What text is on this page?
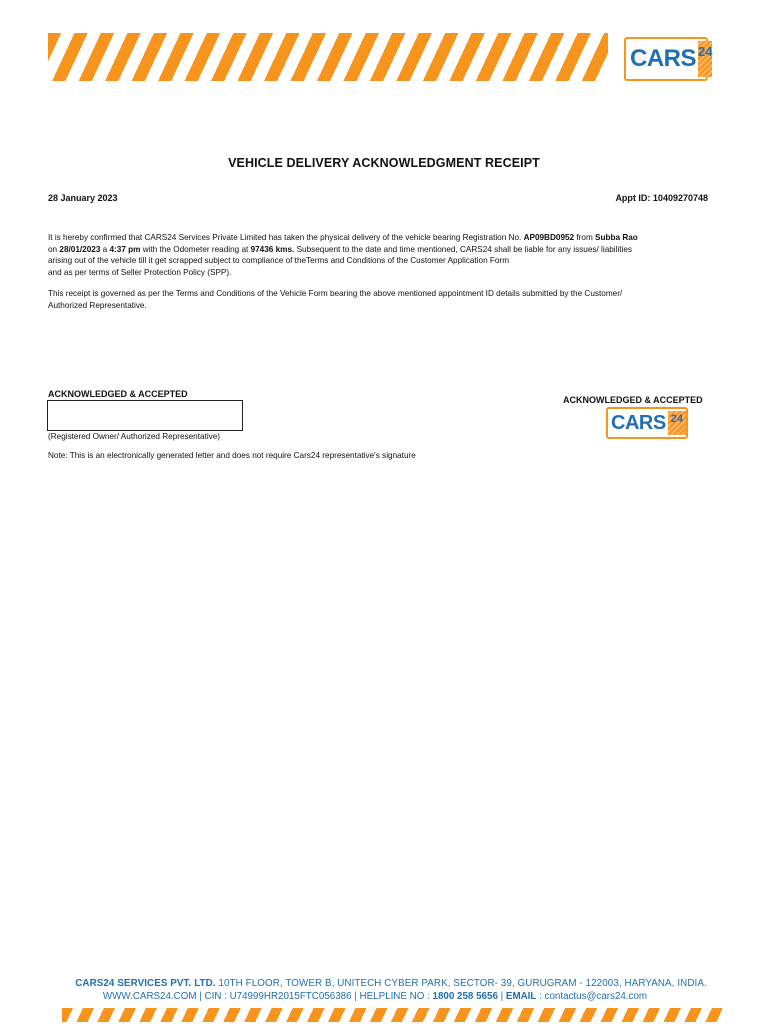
CARS 24
VEHICLE DELIVERY ACKNOWLEDGMENT RECEIPT
28 January 2023	Appt ID: 10409270748

It is hereby confirmed that CARS24 Services Private Limited has taken the physical delivery of the vehicle bearing Registration No. AP09BD0952 from Subba Rao
on 28/01/2023 a 4:37 pm with the Odometer reading at 97436 kms. Subsequent to the date and time mentioned, CARS24 shall be liable for any issues/ liabilities
arising out of the vehicle till it get scrapped subject to compliance of theTerms and Conditions of the Customer Application Form
and as per terms of Seller Protection Policy (SPP).

This receipt is governed as per the Terms and Conditions of the Vehicle Form bearing the above mentioned appointment ID details submitted by the Customer/
Authorized Representative.

ACKNOWLEDGED & ACCEPTED
(Registered Owner/ Authorized Representative)
ACKNOWLEDGED & ACCEPTED
CARS 24
Note: This is an electronically generated letter and does not require Cars24 representative's signature
CARS24 SERVICES PVT. LTD. 10TH FLOOR, TOWER B, UNITECH CYBER PARK, SECTOR- 39, GURUGRAM - 122003, HARYANA, INDIA.
WWW.CARS24.COM | CIN : U74999HR2015FTC056386 | HELPLINE NO : 1800 258 5656 | EMAIL : contactus@cars24.com
